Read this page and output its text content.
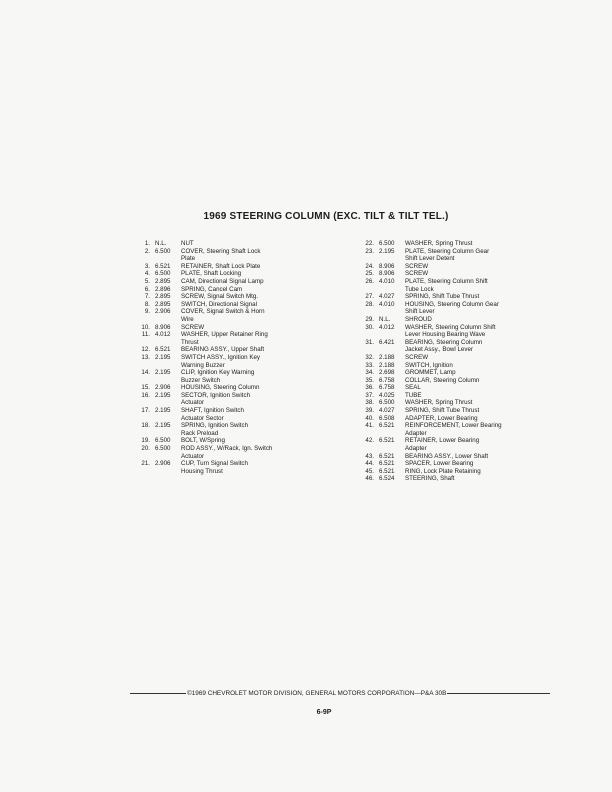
1969 STEERING COLUMN (EXC. TILT & TILT TEL.)
1. N.L.	NUT
2. 6.500	COVER, Steering Shaft Lock
Plate
3. 6.521	RETAINER, Shaft Lock Plate
4. 6.500	PLATE, Shaft Locking
5. 2.895	CAM, Directional Signal Lamp
6. 2.896	SPRING, Cancel Cam
7. 2.895	SCREW, Signal Switch Mtg.
8. 2.895	SWITCH, Directional Signal
9. 2.906	COVER, Signal Switch & Horn
Wire
10. 8.906	SCREW
11. 4.012	WASHER, Upper Retainer Ring
Thrust
12. 6.521	BEARING ASSY., Upper Shaft
13. 2.195	SWITCH ASSY., Ignition Key
Warning Buzzer
14. 2.195	CLIP, Ignition Key Warning
Buzzer Switch
15. 2.906	HOUSING, Steering Column
16. 2.195	SECTOR, Ignition Switch
Actuator
17. 2.195	SHAFT, Ignition Switch
Actuator Sector
18. 2.195	SPRING, Ignition Switch
Rack Preload
19. 6.500	BOLT, W/Spring
20. 6.500	ROD ASSY., W/Rack, Ign. Switch
Actuator
21. 2.906	CUP, Turn Signal Switch
Housing Thrust
22. 6.500	WASHER, Spring Thrust
23. 2.195	PLATE, Steering Column Gear
Shift Lever Detent
24. 8.906	SCREW
25. 8.906	SCREW
26. 4.010	PLATE, Steering Column Shift
Tube Lock
27. 4.027	SPRING, Shift Tube Thrust
28. 4.010	HOUSING, Steering Column Gear
Shift Lever
29. N.L.	SHROUD
30. 4.012	WASHER, Steering Column Shift
Lever Housing Bearing Wave
31. 6.421	BEARING, Steering Column
Jacket Assy., Bowl Lever
32. 2.188	SCREW
33. 2.188	SWITCH, Ignition
34. 2.698	GROMMET, Lamp
35. 6.758	COLLAR, Steering Column
36. 6.758	SEAL
37. 4.025	TUBE
38. 6.500	WASHER, Spring Thrust
39. 4.027	SPRING, Shift Tube Thrust
40. 6.508	ADAPTER, Lower Bearing
41. 6.521	REINFORCEMENT, Lower Bearing
Adapter
42. 6.521	RETAINER, Lower Bearing
Adapter
43. 6.521	BEARING ASSY., Lower Shaft
44. 6.521	SPACER, Lower Bearing
45. 6.521	RING, Lock Plate Retaining
46. 6.524	STEERING, Shaft
©1969 CHEVROLET MOTOR DIVISION, GENERAL MOTORS CORPORATION—P&A 30B
6-9P
